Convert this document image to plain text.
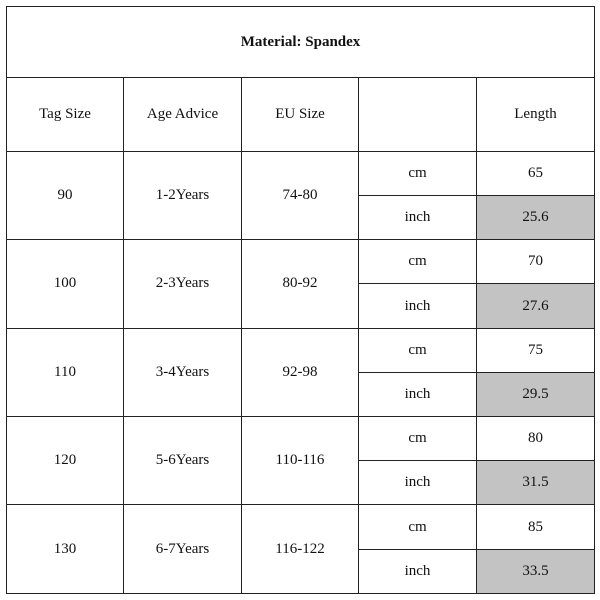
Material: Spandex				
Tag Size	Age Advice	EU Size		Length
90	1-2Years	74-80	cm	65
			inch	25.6
100	2-3Years	80-92	cm	70
			inch	27.6
110	3-4Years	92-98	cm	75
			inch	29.5
120	5-6Years	110-116	cm	80
			inch	31.5
130	6-7Years	116-122	cm	85
			inch	33.5
